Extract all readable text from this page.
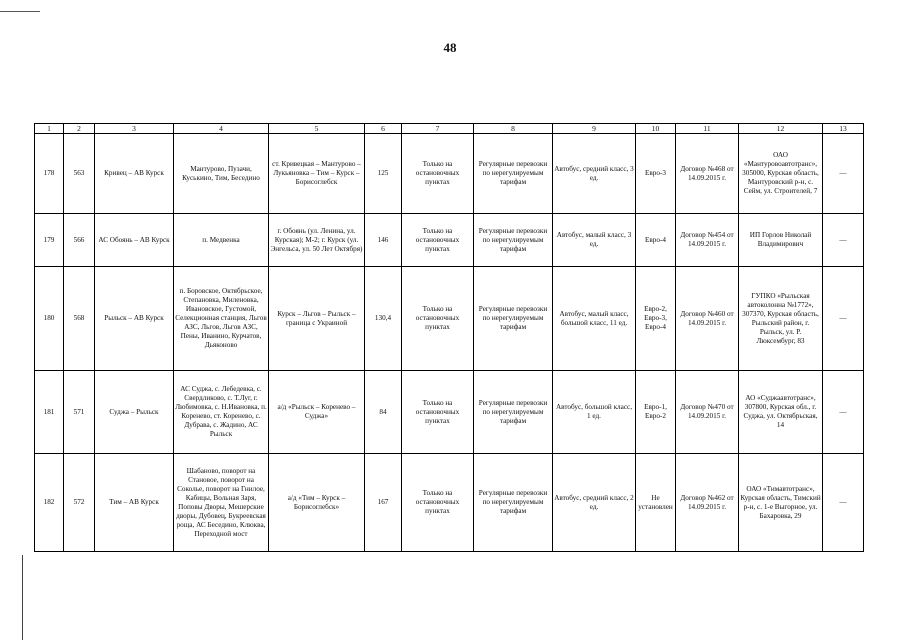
48
1	2	3	4	5	6	7	8	9	10	11	12	13
178	563	Кривец – АВ Курск	Мантурово, Пузачи, Куськино, Тим, Беседино	ст. Кривецкая – Мантурово – Лукьяновка – Тим – Курск – Борисоглебск	125	Только на остановочных пунктах	Регулярные перевозки по нерегулируемым тарифам	Автобус, средний класс, 3 ед.	Евро-3	Договор №468 от 14.09.2015 г.	ОАО «Мантуровоавтотранс», 305000, Курская область, Мантуровский р-н, с. Сейм, ул. Строителей, 7	—
179	566	АС Обоянь – АВ Курск	п. Медвенка	г. Обоянь (ул. Ленина, ул. Курская); М-2; г. Курск (ул. Энгельса, ул. 50 Лет Октября)	146	Только на остановочных пунктах	Регулярные перевозки по нерегулируемым тарифам	Автобус, малый класс, 3 ед.	Евро-4	Договор №454 от 14.09.2015 г.	ИП Горлов Николай Владимирович	—
180	568	Рыльск – АВ Курск	п. Боровское, Октябрьское, Степановка, Миленовка, Ивановское, Густомой, Селекционная станция, Льгов АЗС, Льгов, Льгов АЗС, Пены, Иванино, Курчатов, Дьяконово	Курск – Льгов – Рыльск – граница с Украиной	130,4	Только на остановочных пунктах	Регулярные перевозки по нерегулируемым тарифам	Автобус, малый класс, большой класс, 11 ед.	Евро-2, Евро-3, Евро-4	Договор №460 от 14.09.2015 г.	ГУПКО «Рыльская автоколонна №1772», 307370, Курская область, Рыльский район, г. Рыльск, ул. Р. Люксембург, 83	—
181	571	Суджа – Рыльск	АС Суджа, с. Лебедевка, с. Свердликово, с. Т.Луг, г. Любимовка, с. Н.Ивановка, п. Коренево, ст. Коренево, с. Дубрава, с. Жадино, АС Рыльск	а/д «Рыльск – Коренево – Суджа»	84	Только на остановочных пунктах	Регулярные перевозки по нерегулируемым тарифам	Автобус, большой класс, 1 ед.	Евро-1, Евро-2	Договор №470 от 14.09.2015 г.	АО «Суджаавтотранс», 307800, Курская обл., г. Суджа, ул. Октябрьская, 14	—
182	572	Тим – АВ Курск	Шабаново, поворот на Становое, поворот на Соколье, поворот на Гнилое, Кабицы, Вольная Заря, Поповы Дворы, Мешерские дворы, Дубовец, Букреевская роща, АС Беседино, Клюква, Переходной мост	а/д «Тим – Курск – Борисоглебск»	167	Только на остановочных пунктах	Регулярные перевозки по нерегулируемым тарифам	Автобус, средний класс, 2 ед.	Не установлен	Договор №462 от 14.09.2015 г.	ОАО «Тимавтотранс», Курская область, Тимский р-н, с. 1-е Выгорное, ул. Бахаровка, 29	—
